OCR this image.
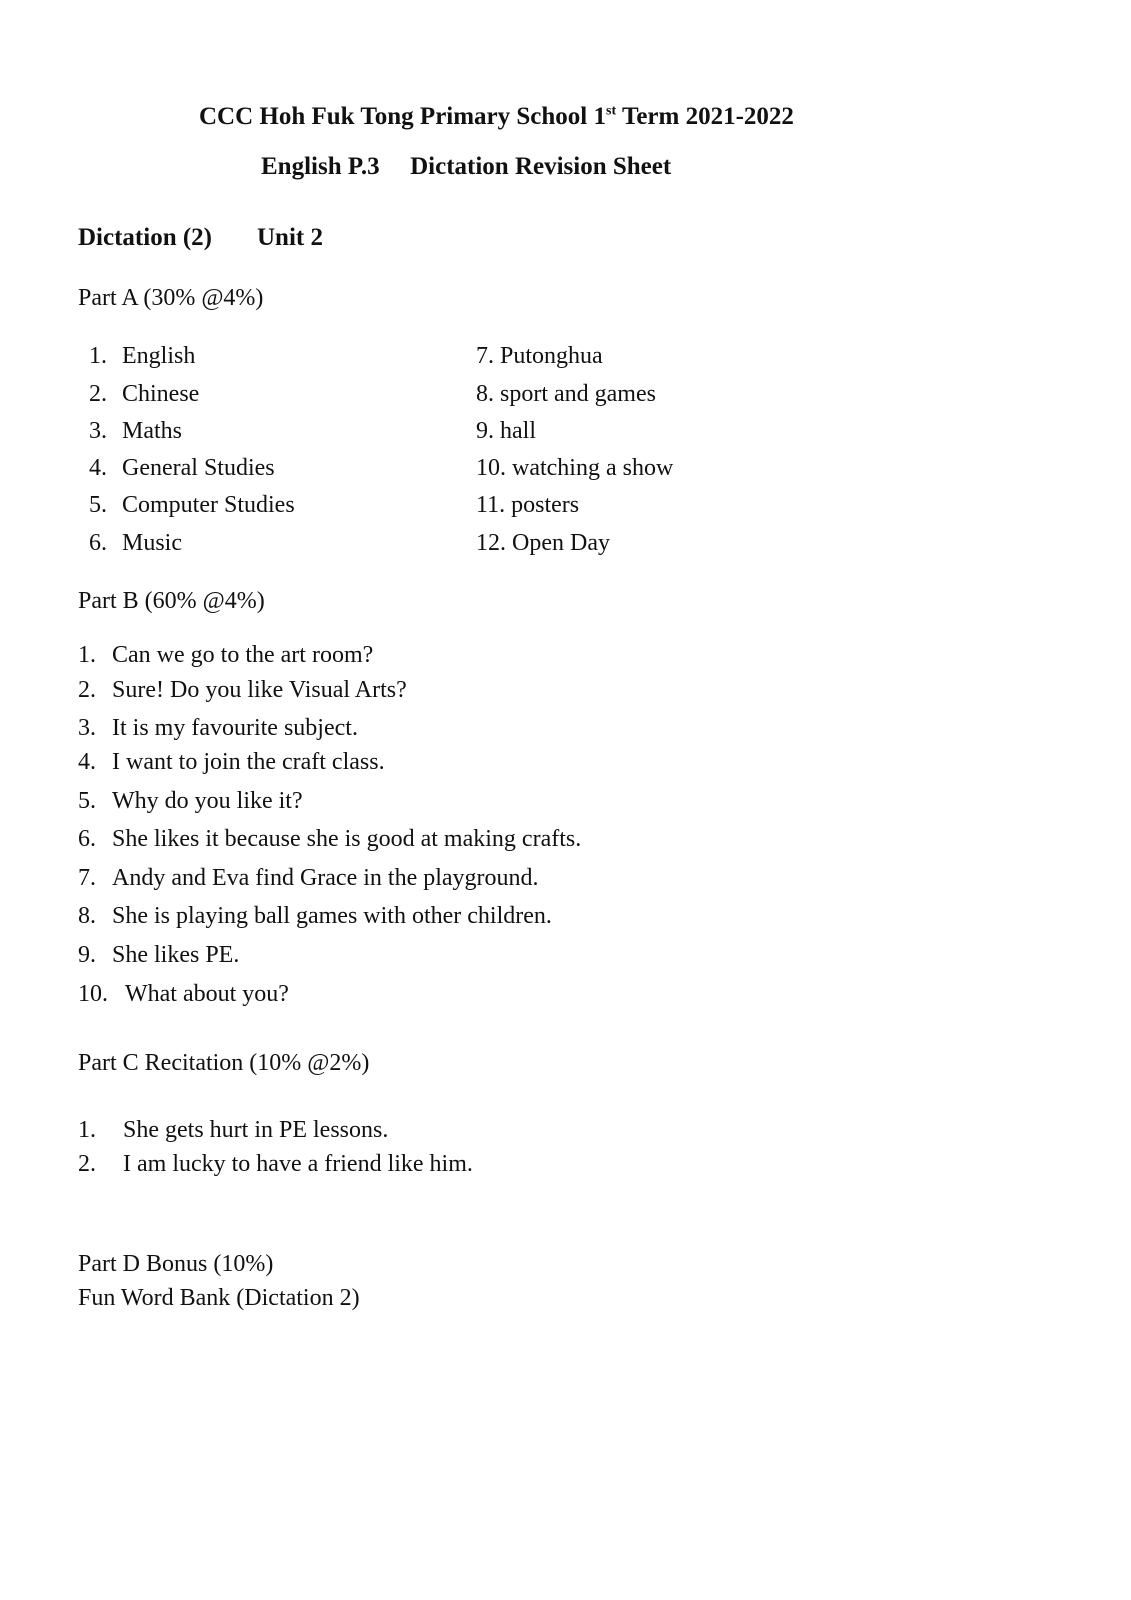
CCC Hoh Fuk Tong Primary School 1st Term 2021-2022
English P.3 Dictation Revision Sheet
Dictation (2) Unit 2
Part A (30% @4%)
1. English
2. Chinese
3. Maths
4. General Studies
5. Computer Studies
6. Music
7. Putonghua
8. sport and games
9. hall
10. watching a show
11. posters
12. Open Day
Part B (60% @4%)
1. Can we go to the art room?
2. Sure! Do you like Visual Arts?
3. It is my favourite subject.
4. I want to join the craft class.
5. Why do you like it?
6. She likes it because she is good at making crafts.
7. Andy and Eva find Grace in the playground.
8. She is playing ball games with other children.
9. She likes PE.
10. What about you?
Part C Recitation (10% @2%)
1. She gets hurt in PE lessons.
2. I am lucky to have a friend like him.
Part D Bonus (10%)
Fun Word Bank (Dictation 2)
